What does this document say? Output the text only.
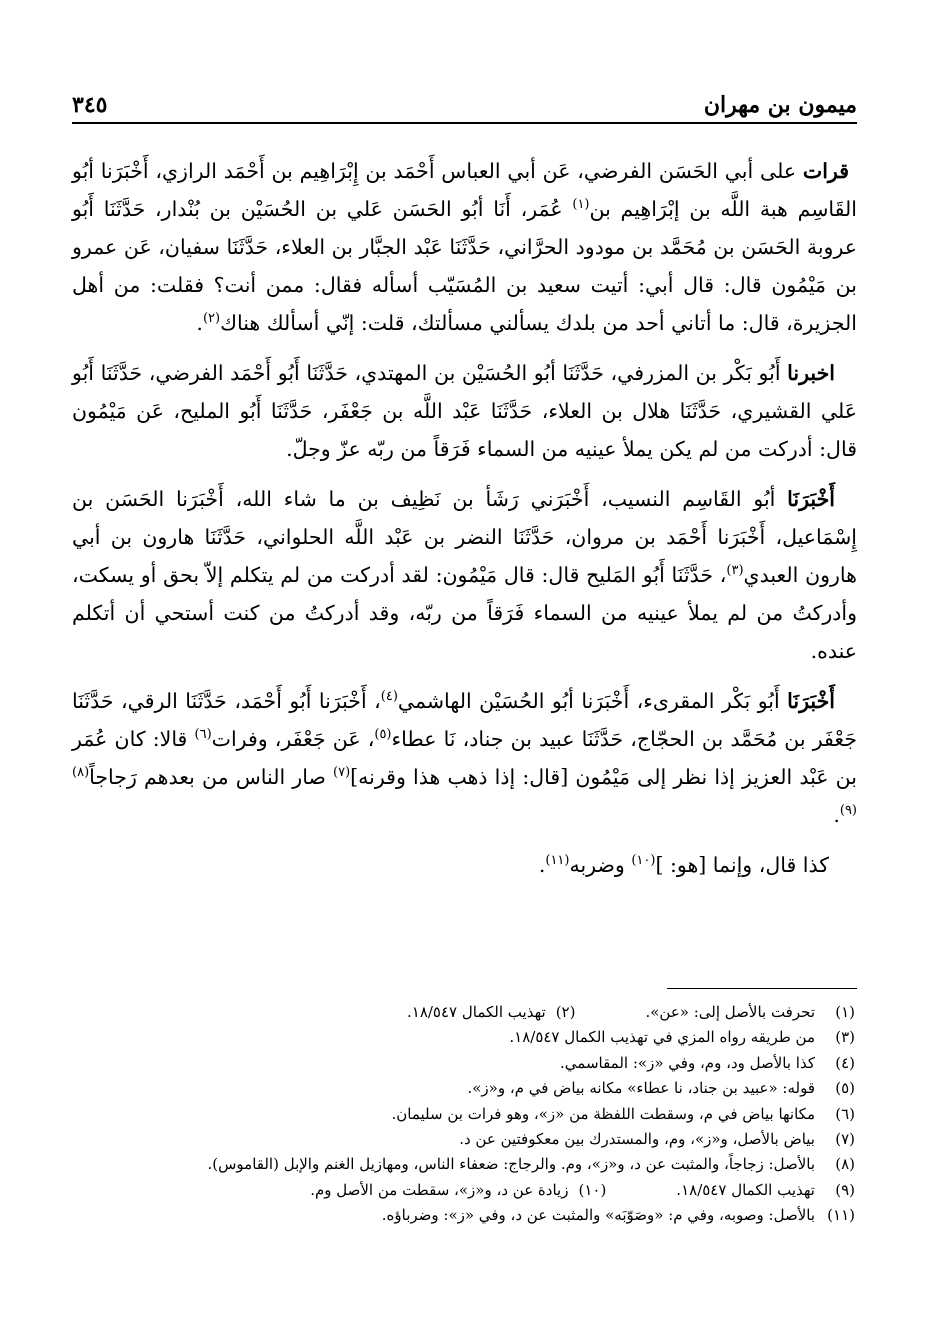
ميمون بن مهران
٣٤٥

قرات على أبي الحَسَن الفرضي، عَن أبي العباس أَحْمَد بن إِبْرَاهِيم بن أَحْمَد الرازي، أَخْبَرَنا أبُو القَاسِم هبة اللَّه بن إبْرَاهِيم بن$^{(١)}$ عُمَر، أَنَا أبُو الحَسَن عَلي بن الحُسَيْن بن بُنْدار، حَدَّثَنَا أَبُو عروبة الحَسَن بن مُحَمَّد بن مودود الحرَّاني، حَدَّثَنَا عَبْد الجبَّار بن العلاء، حَدَّثَنَا سفيان، عَن عمرو بن مَيْمُون قال: قال أبي: أتيت سعيد بن المُسَيّب أسأله فقال: ممن أنت؟ فقلت: من أهل الجزيرة، قال: ما أتاني أحد من بلدك يسألني مسألتك، قلت: إنّي أسألك هناك$^{(٢)}$.

اخبرنا أَبُو بَكْر بن المزرفي، حَدَّثَنَا أبُو الحُسَيْن بن المهتدي، حَدَّثَنَا أَبُو أَحْمَد الفرضي، حَدَّثَنَا أَبُو عَلي القشيري، حَدَّثَنَا هلال بن العلاء، حَدَّثَنَا عَبْد اللَّه بن جَعْفَر، حَدَّثَنَا أَبُو المليح، عَن مَيْمُون قال: أدركت من لم يكن يملأ عينيه من السماء فَرَقاً من ربّه عزّ وجلّ.

أَخْبَرَنَا أبُو القَاسِم النسيب، أَخْبَرَني رَشَأ بن نَظِيف بن ما شاء الله، أَخْبَرَنا الحَسَن بن إِسْمَاعيل، أَخْبَرَنا أَحْمَد بن مروان، حَدَّثَنَا النضر بن عَبْد اللَّه الحلواني، حَدَّثَنَا هارون بن أبي هارون العبدي$^{(٣)}$، حَدَّثَنَا أَبُو المَليح قال: قال مَيْمُون: لقد أدركت من لم يتكلم إلاّ بحق أو يسكت، وأدركتُ من لم يملأ عينيه من السماء فَرَقاً من ربّه، وقد أدركتُ من كنت أستحي أن أتكلم عنده.

أَخْبَرَنَا أَبُو بَكْر المقرىء، أَخْبَرَنا أبُو الحُسَيْن الهاشمي$^{(٤)}$، أَخْبَرَنا أَبُو أَحْمَد، حَدَّثَنَا الرقي، حَدَّثَنَا جَعْفَر بن مُحَمَّد بن الحجّاج، حَدَّثَنَا عبيد بن جناد، نَا عطاء$^{(٥)}$، عَن جَعْفَر، وفرات$^{(٦)}$ قالا: كان عُمَر بن عَبْد العزيز إذا نظر إلى مَيْمُون [قال: إذا ذهب هذا وقرنه]$^{(٧)}$ صار الناس من بعدهم رَجاجاً$^{(٨)}$ $^{(٩)}$.

كذا قال، وإنما [هو: ]$^{(١٠)}$ وضربه$^{(١١)}$.

(١)
تحرفت بالأصل إلى: «عن».
(٢)
تهذيب الكمال ١٨/٥٤٧.
(٣)
من طريقه رواه المزي في تهذيب الكمال ١٨/٥٤٧.
(٤)
كذا بالأصل ود، وم، وفي «ز»: المقاسمي.
(٥)
قوله: «عبيد بن جناد، نا عطاء» مكانه بياض في م، و«ز».
(٦)
مكانها بياض في م، وسقطت اللفظة من «ز»، وهو فرات بن سليمان.
(٧)
بياض بالأصل، و«ز»، وم، والمستدرك بين معكوفتين عن د.
(٨)
بالأصل: زجاجاً، والمثبت عن د، و«ز»، وم. والرجاج: ضعفاء الناس، ومهازيل الغنم والإبل (القاموس).
(٩)
تهذيب الكمال ١٨/٥٤٧.
(١٠)
زيادة عن د، و«ز»، سقطت من الأصل وم.
(١١)
بالأصل: وصوبه، وفي م: «وصَوّبَه» والمثبت عن د، وفي «ز»: وضرباؤه.
